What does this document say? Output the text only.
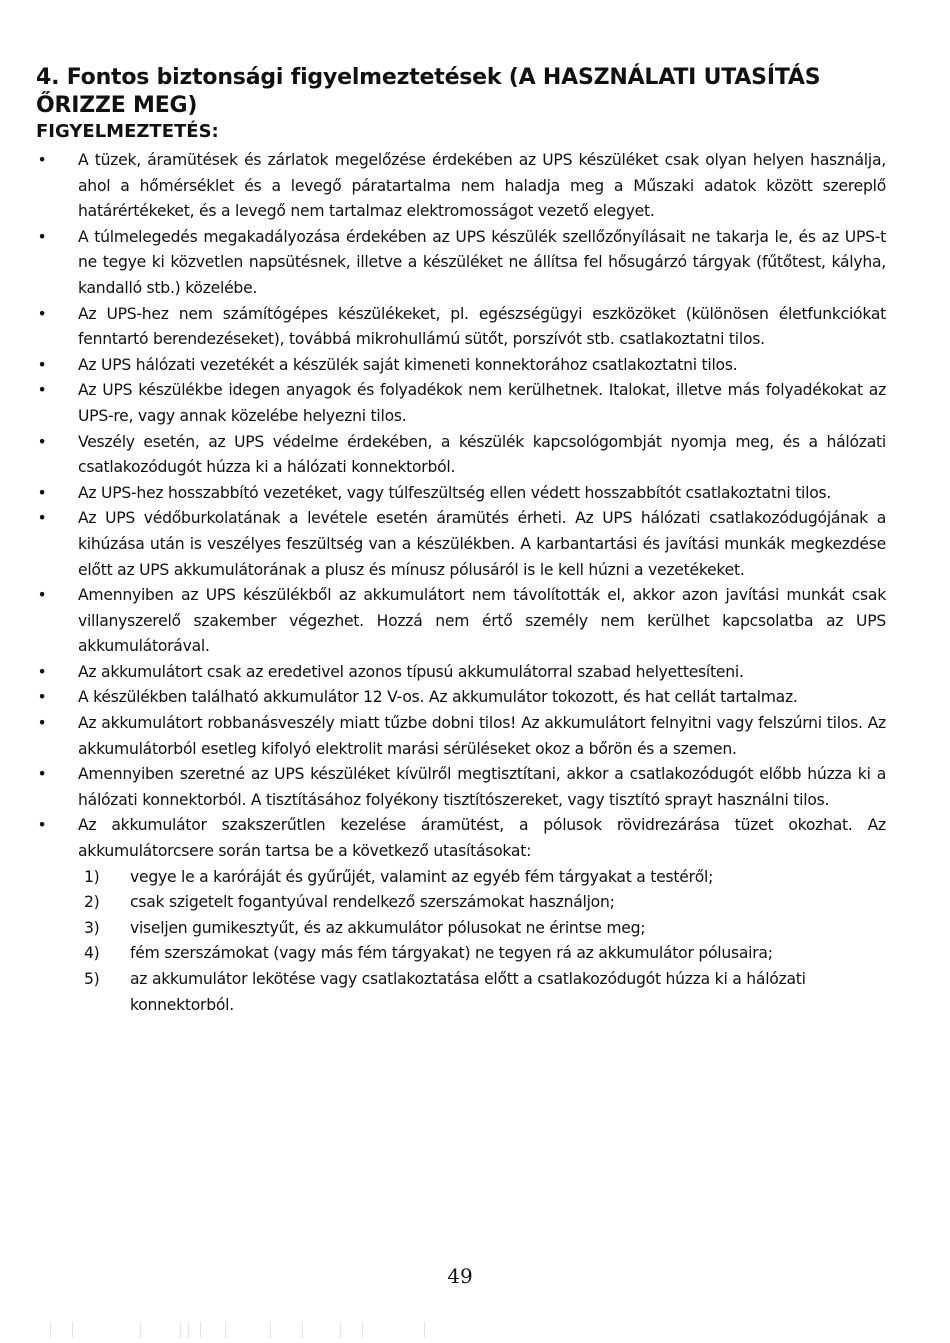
4. Fontos biztonsági figyelmeztetések (A HASZNÁLATI UTASÍTÁS ŐRIZZE MEG)
FIGYELMEZTETÉS:
• A tüzek, áramütések és zárlatok megelőzése érdekében az UPS készüléket csak olyan helyen használja, ahol a hőmérséklet és a levegő páratartalma nem haladja meg a Műszaki adatok között szereplő határértékeket, és a levegő nem tartalmaz elektromosságot vezető elegyet.
• A túlmelegedés megakadályozása érdekében az UPS készülék szellőzőnyílásait ne takarja le, és az UPS-t ne tegye ki közvetlen napsütésnek, illetve a készüléket ne állítsa fel hősugárzó tárgyak (fűtőtest, kályha, kandalló stb.) közelébe.
• Az UPS-hez nem számítógépes készülékeket, pl. egészségügyi eszközöket (különösen életfunkciókat fenntartó berendezéseket), továbbá mikrohullámú sütőt, porszívót stb. csatlakoztatni tilos.
• Az UPS hálózati vezetékét a készülék saját kimeneti konnektorához csatlakoztatni tilos.
• Az UPS készülékbe idegen anyagok és folyadékok nem kerülhetnek. Italokat, illetve más folyadékokat az UPS-re, vagy annak közelébe helyezni tilos.
• Veszély esetén, az UPS védelme érdekében, a készülék kapcsológombját nyomja meg, és a hálózati csatlakozódugót húzza ki a hálózati konnektorból.
• Az UPS-hez hosszabbító vezetéket, vagy túlfeszültség ellen védett hosszabbítót csatlakoztatni tilos.
• Az UPS védőburkolatának a levétele esetén áramütés érheti. Az UPS hálózati csatlakozódugójának a kihúzása után is veszélyes feszültség van a készülékben. A karbantartási és javítási munkák megkezdése előtt az UPS akkumulátorának a plusz és mínusz pólusáról is le kell húzni a vezetékeket.
• Amennyiben az UPS készülékből az akkumulátort nem távolították el, akkor azon javítási munkát csak villanyszerelő szakember végezhet. Hozzá nem értő személy nem kerülhet kapcsolatba az UPS akkumulátorával.
• Az akkumulátort csak az eredetivel azonos típusú akkumulátorral szabad helyettesíteni.
• A készülékben található akkumulátor 12 V-os. Az akkumulátor tokozott, és hat cellát tartalmaz.
• Az akkumulátort robbanásveszély miatt tűzbe dobni tilos! Az akkumulátort felnyitni vagy felszúrni tilos. Az akkumulátorból esetleg kifolyó elektrolit marási sérüléseket okoz a bőrön és a szemen.
• Amennyiben szeretné az UPS készüléket kívülről megtisztítani, akkor a csatlakozódugót előbb húzza ki a hálózati konnektorból. A tisztításához folyékony tisztítószereket, vagy tisztító sprayt használni tilos.
• Az akkumulátor szakszerűtlen kezelése áramütést, a pólusok rövidrezárása tüzet okozhat. Az akkumulátorcsere során tartsa be a következő utasításokat:
1) vegye le a karóráját és gyűrűjét, valamint az egyéb fém tárgyakat a testéről;
2) csak szigetelt fogantyúval rendelkező szerszámokat használjon;
3) viseljen gumikesztyűt, és az akkumulátor pólusokat ne érintse meg;
4) fém szerszámokat (vagy más fém tárgyakat) ne tegyen rá az akkumulátor pólusaira;
5) az akkumulátor lekötése vagy csatlakoztatása előtt a csatlakozódugót húzza ki a hálózati konnektorból.
49
